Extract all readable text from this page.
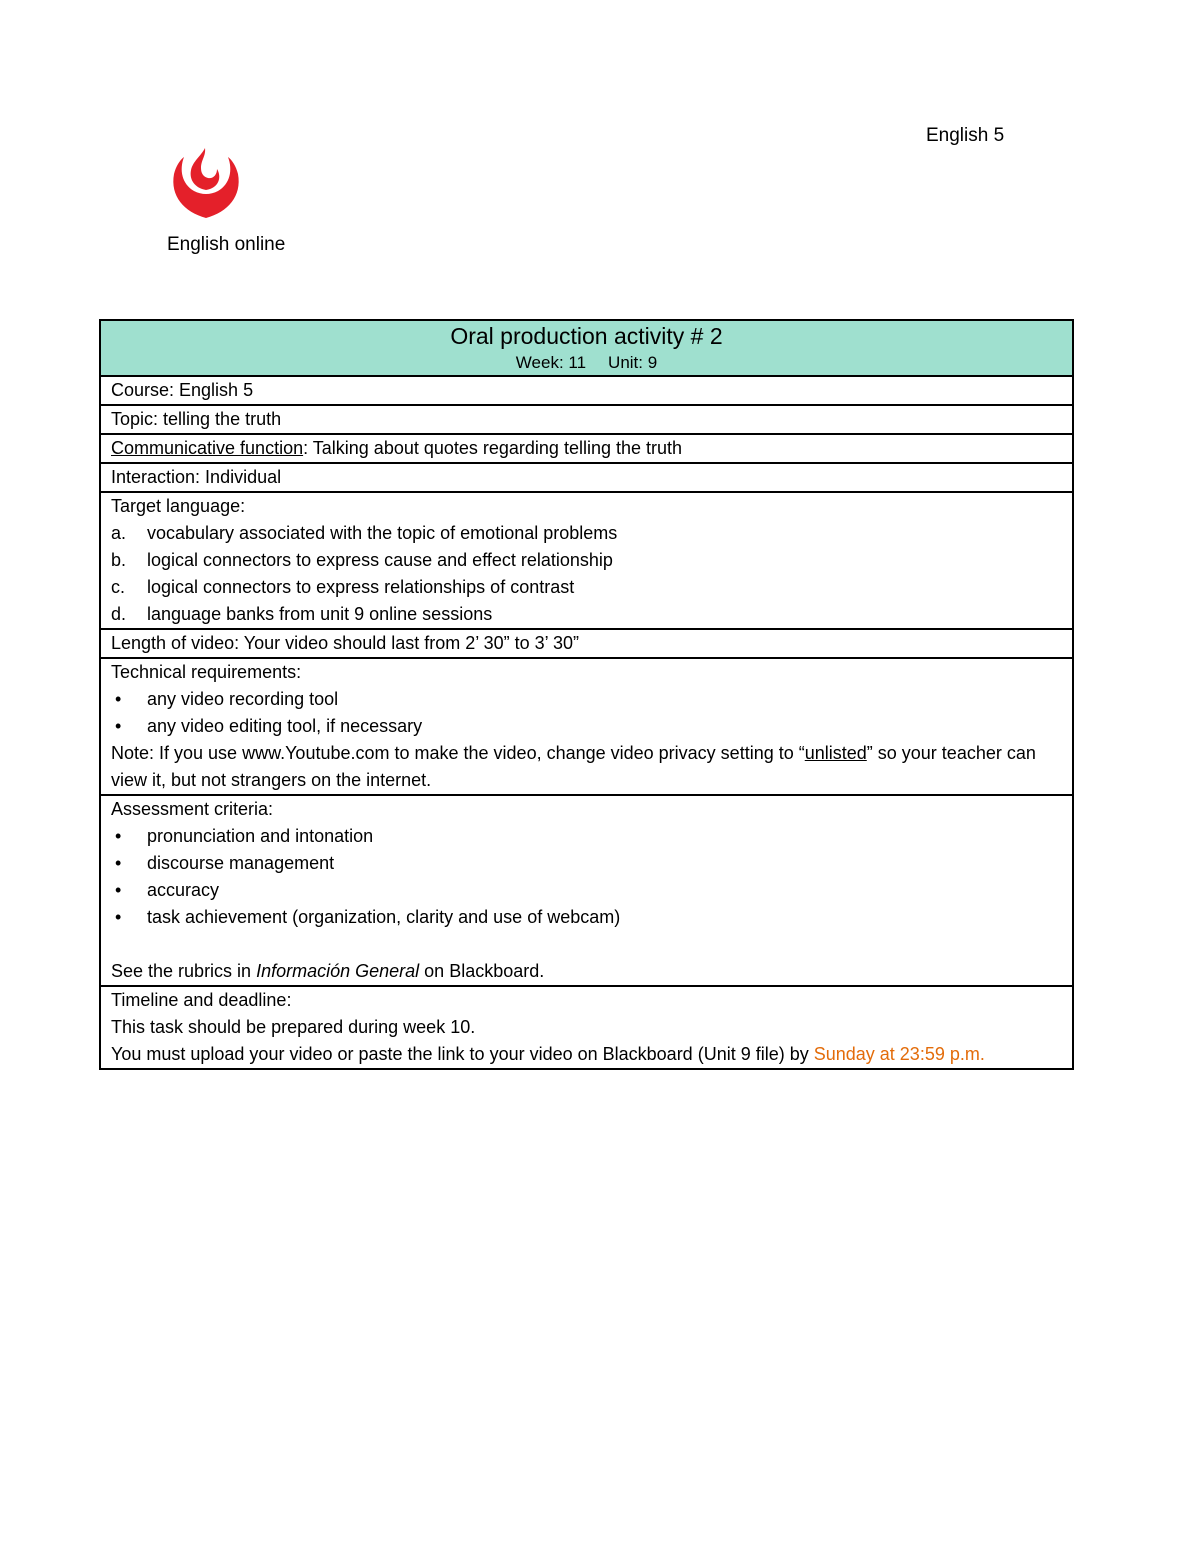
English 5
English online
Oral production activity # 2
Week: 11 Unit: 9

Course: English 5
Topic: telling the truth
Communicative function: Talking about quotes regarding telling the truth
Interaction: Individual

Target language:
a.	vocabulary associated with the topic of emotional problems
b.	logical connectors to express cause and effect relationship
c.	logical connectors to express relationships of contrast
d.	language banks from unit 9 online sessions

Length of video: Your video should last from 2’ 30” to 3’ 30”

Technical requirements:
•
any video recording tool
•
any video editing tool, if necessary
Note: If you use www.Youtube.com to make the video, change video privacy setting to “unlisted” so your teacher can view it, but not strangers on the internet.

Assessment criteria:
•
pronunciation and intonation
•
discourse management
•
accuracy
•
task achievement (organization, clarity and use of webcam)
See the rubrics in Información General on Blackboard.

Timeline and deadline:
This task should be prepared during week 10.
You must upload your video or paste the link to your video on Blackboard (Unit 9 file) by Sunday at 23:59 p.m.
